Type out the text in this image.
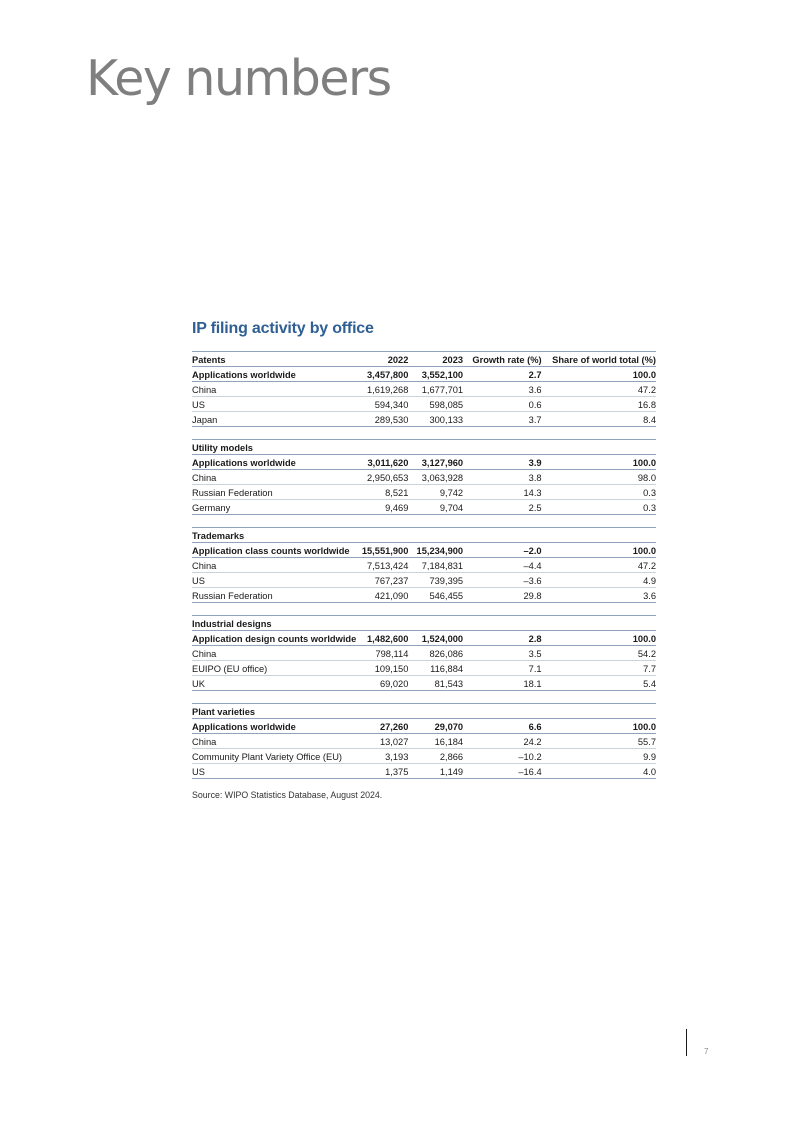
Key numbers
IP filing activity by office
Patents	2022	2023	Growth rate (%)	Share of world total (%)
Applications worldwide	3,457,800	3,552,100	2.7	100.0
China	1,619,268	1,677,701	3.6	47.2
US	594,340	598,085	0.6	16.8
Japan	289,530	300,133	3.7	8.4

Utility models				
Applications worldwide	3,011,620	3,127,960	3.9	100.0
China	2,950,653	3,063,928	3.8	98.0
Russian Federation	8,521	9,742	14.3	0.3
Germany	9,469	9,704	2.5	0.3

Trademarks				
Application class counts worldwide	15,551,900	15,234,900	–2.0	100.0
China	7,513,424	7,184,831	–4.4	47.2
US	767,237	739,395	–3.6	4.9
Russian Federation	421,090	546,455	29.8	3.6

Industrial designs				
Application design counts worldwide	1,482,600	1,524,000	2.8	100.0
China	798,114	826,086	3.5	54.2
EUIPO (EU office)	109,150	116,884	7.1	7.7
UK	69,020	81,543	18.1	5.4

Plant varieties				
Applications worldwide	27,260	29,070	6.6	100.0
China	13,027	16,184	24.2	55.7
Community Plant Variety Office (EU)	3,193	2,866	–10.2	9.9
US	1,375	1,149	–16.4	4.0

Source: WIPO Statistics Database, August 2024.

7
